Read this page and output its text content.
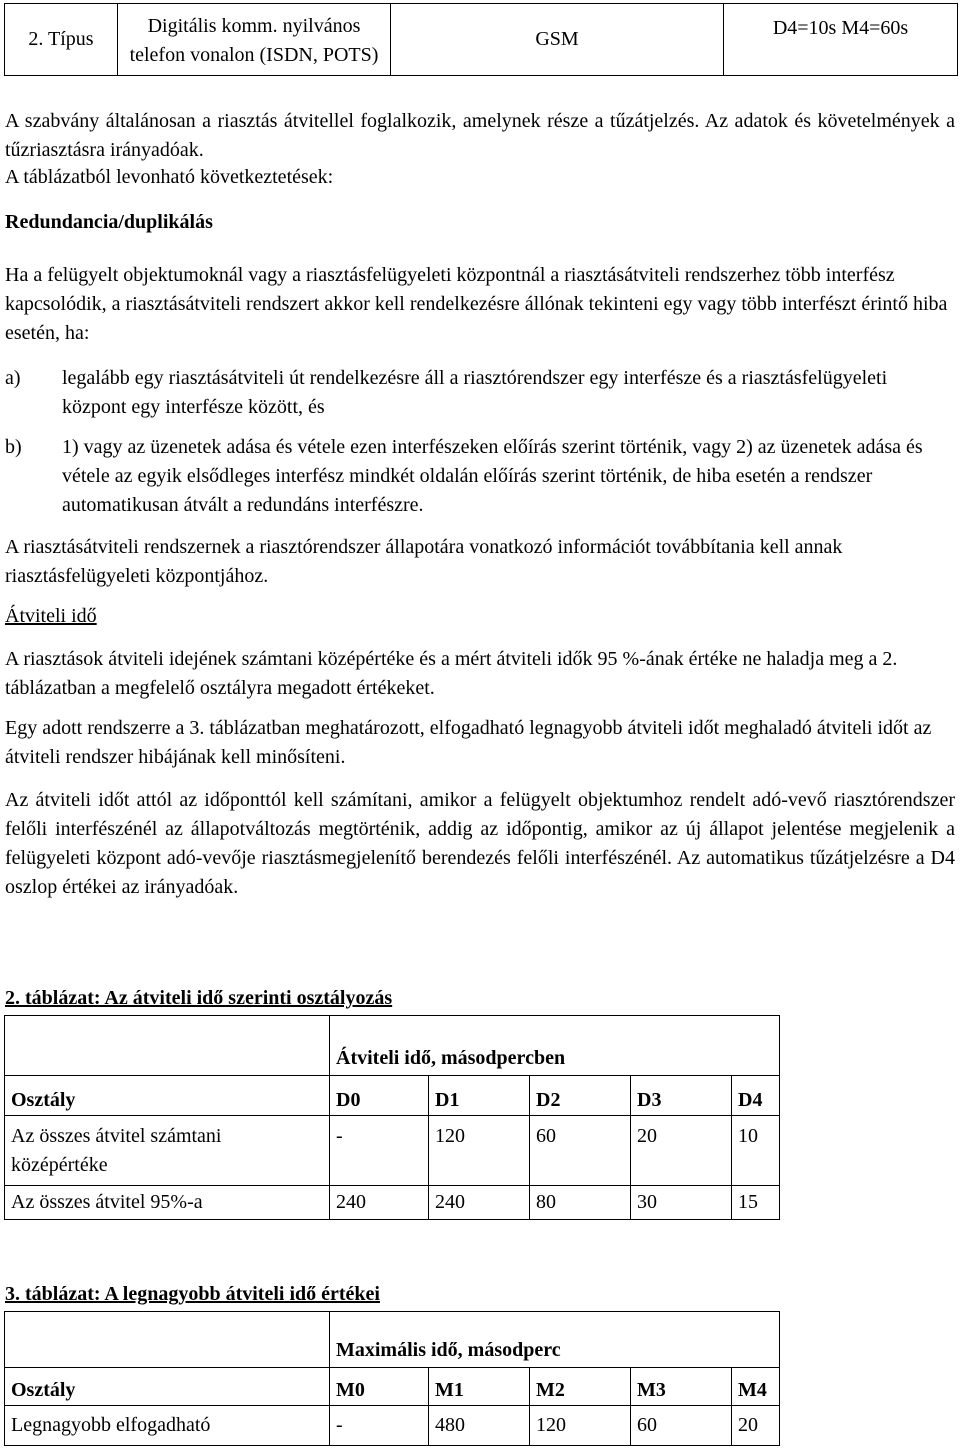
2. Típus	Digitális komm. nyilvános telefon vonalon (ISDN, POTS)	GSM	D4=10s M4=60s
A szabvány általánosan a riasztás átvitellel foglalkozik, amelynek része a tűzátjelzés. Az adatok és követelmények a tűzriasztásra irányadóak.
A táblázatból levonható következtetések:
Redundancia/duplikálás
Ha a felügyelt objektumoknál vagy a riasztásfelügyeleti központnál a riasztásátviteli rendszerhez több interfész kapcsolódik, a riasztásátviteli rendszert akkor kell rendelkezésre állónak tekinteni egy vagy több interfészt érintő hiba esetén, ha:
a) legalább egy riasztásátviteli út rendelkezésre áll a riasztórendszer egy interfésze és a riasztásfelügyeleti központ egy interfésze között, és
b) 1) vagy az üzenetek adása és vétele ezen interfészeken előírás szerint történik, vagy 2) az üzenetek adása és vétele az egyik elsődleges interfész mindkét oldalán előírás szerint történik, de hiba esetén a rendszer automatikusan átvált a redundáns interfészre.
A riasztásátviteli rendszernek a riasztórendszer állapotára vonatkozó információt továbbítania kell annak riasztásfelügyeleti központjához.
Átviteli idő
A riasztások átviteli idejének számtani középértéke és a mért átviteli idők 95 %-ának értéke ne haladja meg a 2. táblázatban a megfelelő osztályra megadott értékeket.
Egy adott rendszerre a 3. táblázatban meghatározott, elfogadható legnagyobb átviteli időt meghaladó átviteli időt az átviteli rendszer hibájának kell minősíteni.
Az átviteli időt attól az időponttól kell számítani, amikor a felügyelt objektumhoz rendelt adó-vevő riasztórendszer felőli interfészénél az állapotváltozás megtörténik, addig az időpontig, amikor az új állapot jelentése megjelenik a felügyeleti központ adó-vevője riasztásmegjelenítő berendezés felőli interfészénél. Az automatikus tűzátjelzésre a D4 oszlop értékei az irányadóak.
2. táblázat: Az átviteli idő szerinti osztályozás
	Átviteli idő, másodpercben				
Osztály	D0	D1	D2	D3	D4
Az összes átvitel számtani középértéke	-	120	60	20	10
Az összes átvitel 95%-a	240	240	80	30	15
3. táblázat: A legnagyobb átviteli idő értékei
	Maximális idő, másodperc				
Osztály	M0	M1	M2	M3	M4
Legnagyobb elfogadható	-	480	120	60	20
